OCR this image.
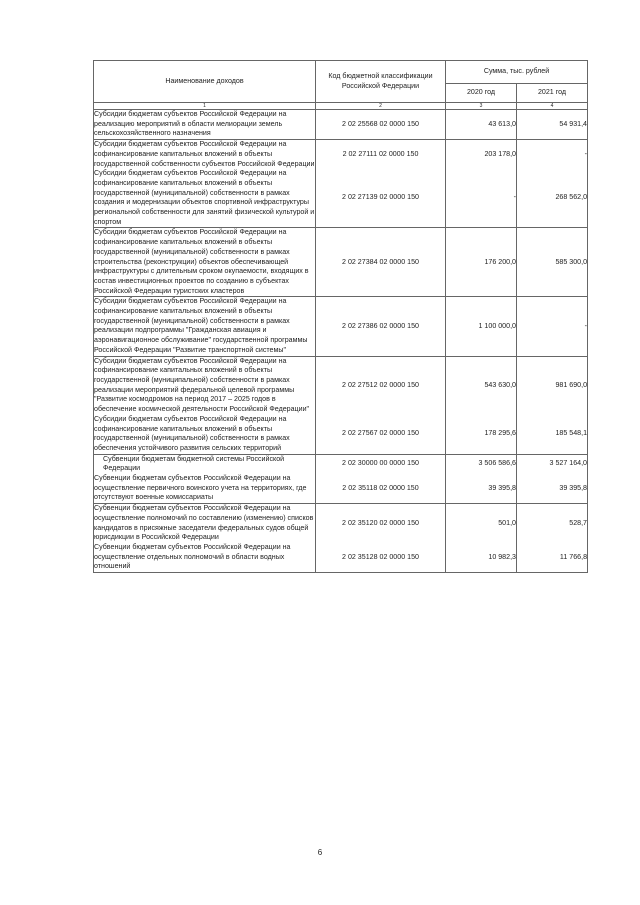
Наименование доходов	Код бюджетной классификации Российской Федерации	Сумма, тыс. рублей	
		2020 год	2021 год
1	2	3	4
Субсидии бюджетам субъектов Российской Федерации на реализацию мероприятий в области мелиорации земель сельскохозяйственного назначения	2 02 25568 02 0000 150	43 613,0	54 931,4
Субсидии бюджетам субъектов Российской Федерации на софинансирование капитальных вложений в объекты государственной собственности субъектов Российской Федерации	2 02 27111 02 0000 150	203 178,0	-
Субсидии бюджетам субъектов Российской Федерации на софинансирование капитальных вложений в объекты государственной (муниципальной) собственности в рамках создания и модернизации объектов спортивной инфраструктуры региональной собственности для занятий физической культурой и спортом	2 02 27139 02 0000 150	-	268 562,0
Субсидии бюджетам субъектов Российской Федерации на софинансирование капитальных вложений в объекты государственной (муниципальной) собственности в рамках строительства (реконструкции) объектов обеспечивающей инфраструктуры с длительным сроком окупаемости, входящих в состав инвестиционных проектов по созданию в субъектах Российской Федерации туристских кластеров	2 02 27384 02 0000 150	176 200,0	585 300,0
Субсидии бюджетам субъектов Российской Федерации на софинансирование капитальных вложений в объекты государственной (муниципальной) собственности в рамках реализации подпрограммы "Гражданская авиация и аэронавигационное обслуживание" государственной программы Российской Федерации "Развитие транспортной системы"	2 02 27386 02 0000 150	1 100 000,0	-
Субсидии бюджетам субъектов Российской Федерации на софинансирование капитальных вложений в объекты государственной (муниципальной) собственности в рамках реализации мероприятий федеральной целевой программы "Развитие космодромов на период 2017 – 2025 годов в обеспечение космической деятельности Российской Федерации"	2 02 27512 02 0000 150	543 630,0	981 690,0
Субсидии бюджетам субъектов Российской Федерации на софинансирование капитальных вложений в объекты государственной (муниципальной) собственности в рамках обеспечения устойчивого развития сельских территорий	2 02 27567 02 0000 150	178 295,6	185 548,1
Субвенции бюджетам бюджетной системы Российской Федерации	2 02 30000 00 0000 150	3 506 586,6	3 527 164,0
Субвенции бюджетам субъектов Российской Федерации на осуществление первичного воинского учета на территориях, где отсутствуют военные комиссариаты	2 02 35118 02 0000 150	39 395,8	39 395,8
Субвенции бюджетам субъектов Российской Федерации на осуществление полномочий по составлению (изменению) списков кандидатов в присяжные заседатели федеральных судов общей юрисдикции в Российской Федерации	2 02 35120 02 0000 150	501,0	528,7
Субвенции бюджетам субъектов Российской Федерации на осуществление отдельных полномочий в области водных отношений	2 02 35128 02 0000 150	10 982,3	11 766,8
6
